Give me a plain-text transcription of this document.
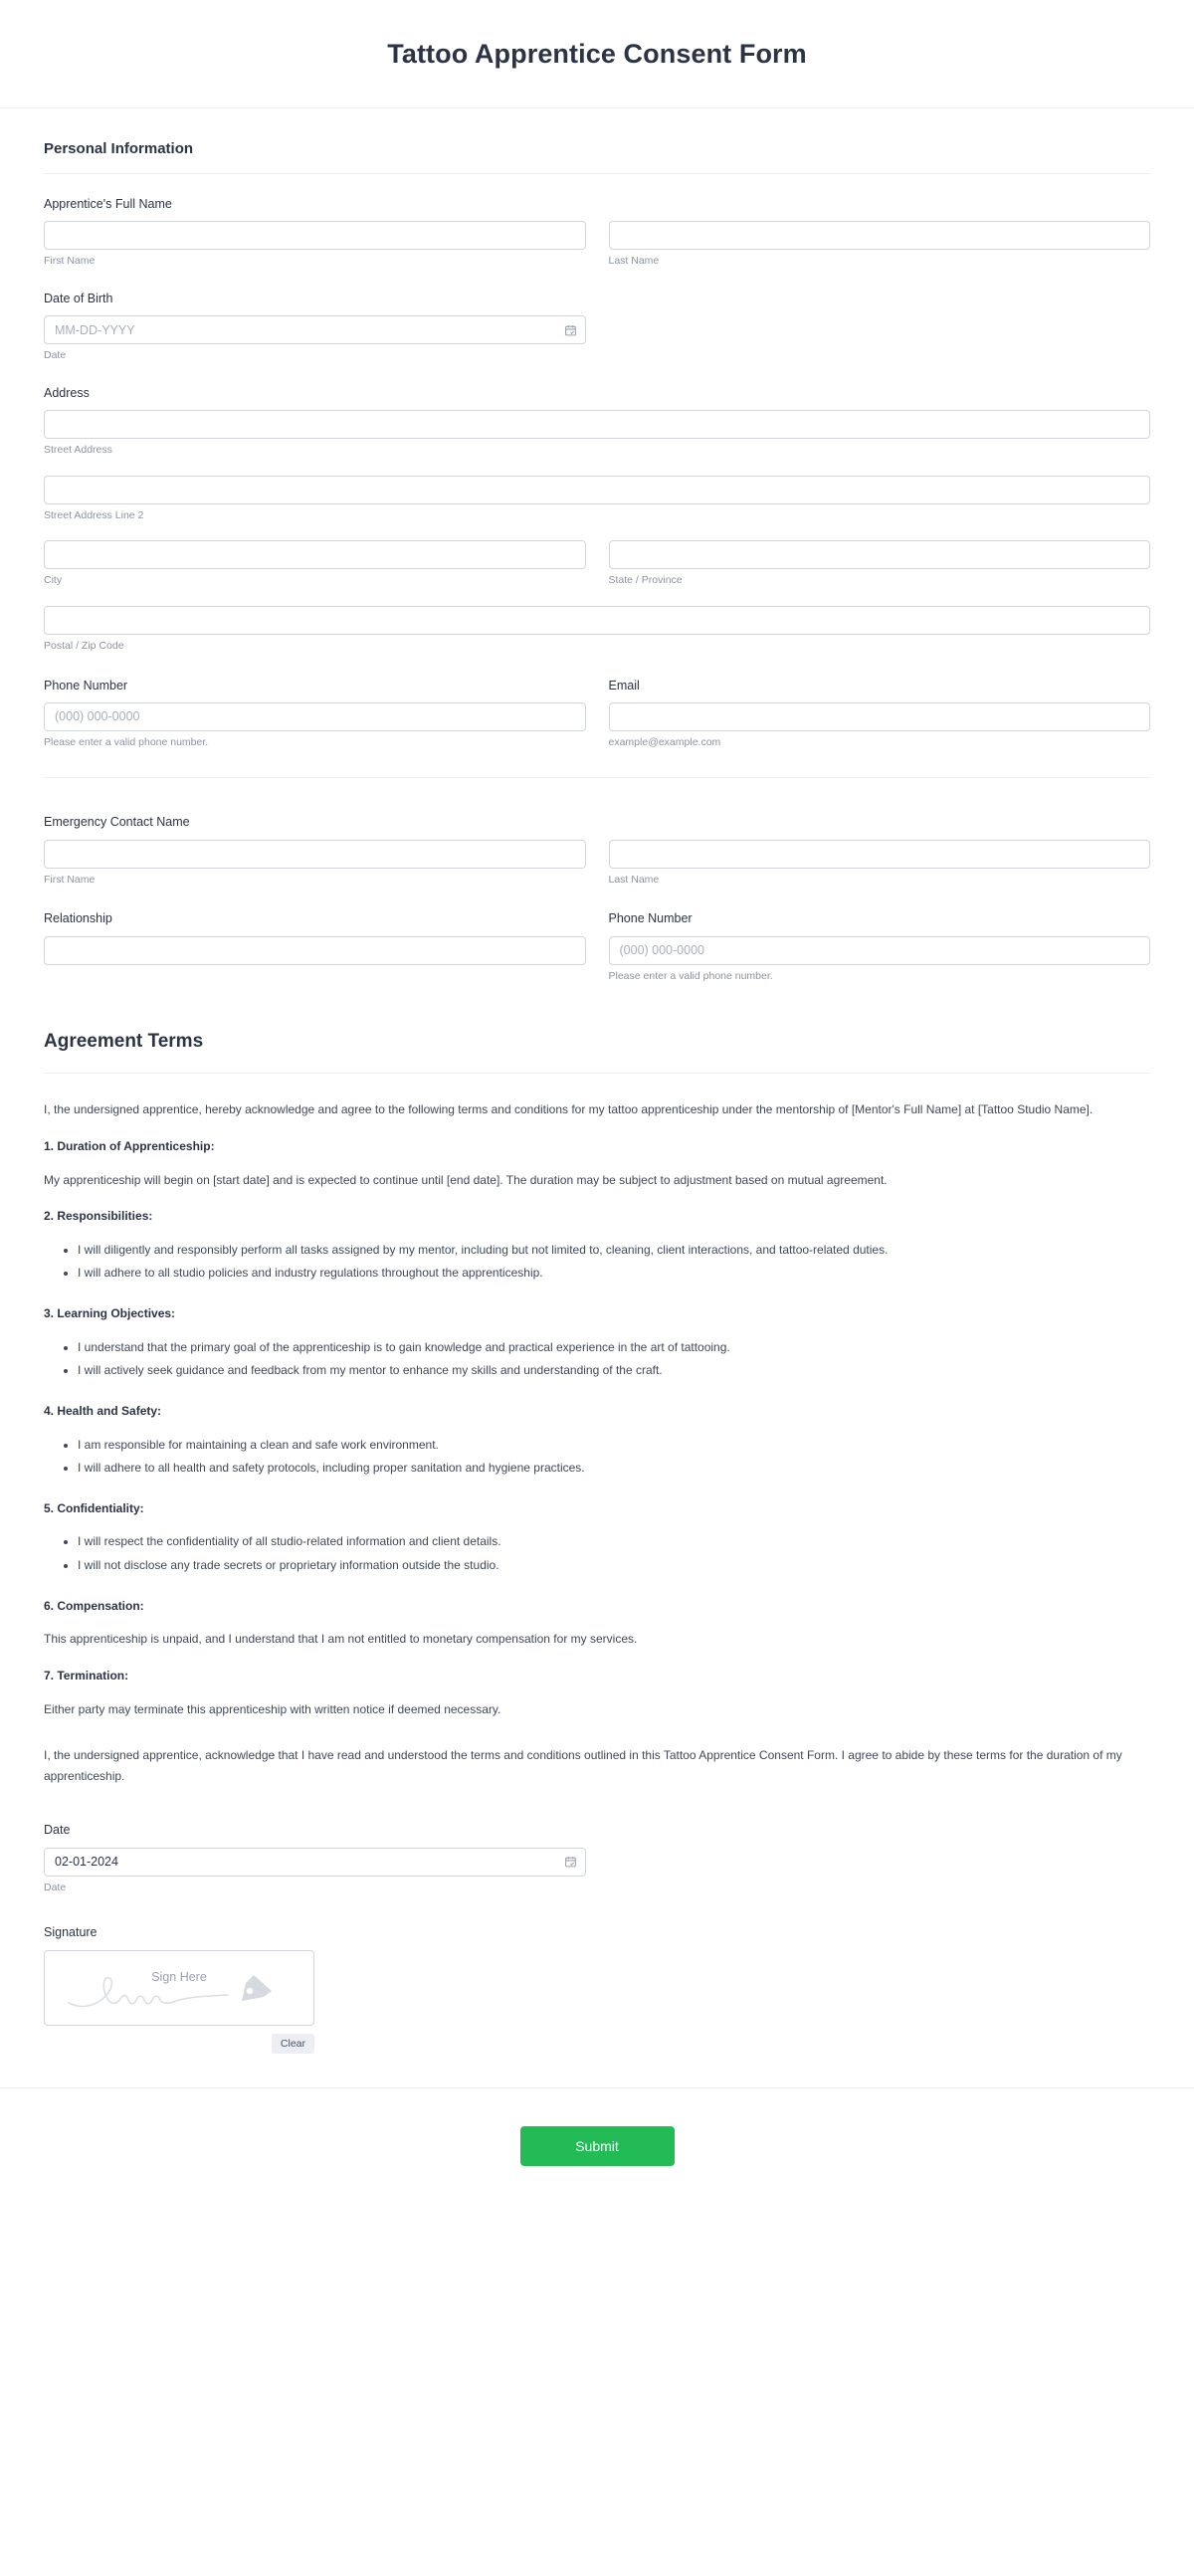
Tattoo Apprentice Consent Form
Personal Information
Apprentice's Full Name
First Name	Last Name
Date of Birth
MM-DD-YYYY
Date
Address
Street Address
Street Address Line 2
City	State / Province
Postal / Zip Code
Phone Number
(000) 000-0000
Please enter a valid phone number.
Email
example@example.com
Emergency Contact Name
First Name	Last Name
Relationship	Phone Number
(000) 000-0000
Please enter a valid phone number.
Agreement Terms

I, the undersigned apprentice, hereby acknowledge and agree to the following terms and conditions for my tattoo apprenticeship under the mentorship of [Mentor's Full Name] at [Tattoo Studio Name].

1. Duration of Apprenticeship:

My apprenticeship will begin on [start date] and is expected to continue until [end date]. The duration may be subject to adjustment based on mutual agreement.

2. Responsibilities:

• I will diligently and responsibly perform all tasks assigned by my mentor, including but not limited to, cleaning, client interactions, and tattoo-related duties.
• I will adhere to all studio policies and industry regulations throughout the apprenticeship.

3. Learning Objectives:

• I understand that the primary goal of the apprenticeship is to gain knowledge and practical experience in the art of tattooing.
• I will actively seek guidance and feedback from my mentor to enhance my skills and understanding of the craft.

4. Health and Safety:

• I am responsible for maintaining a clean and safe work environment.
• I will adhere to all health and safety protocols, including proper sanitation and hygiene practices.

5. Confidentiality:

• I will respect the confidentiality of all studio-related information and client details.
• I will not disclose any trade secrets or proprietary information outside the studio.

6. Compensation:

This apprenticeship is unpaid, and I understand that I am not entitled to monetary compensation for my services.

7. Termination:

Either party may terminate this apprenticeship with written notice if deemed necessary.

I, the undersigned apprentice, acknowledge that I have read and understood the terms and conditions outlined in this Tattoo Apprentice Consent Form. I agree to abide by these terms for the duration of my apprenticeship.

Date
02-01-2024
Date
Signature
Sign Here
Clear
Submit
